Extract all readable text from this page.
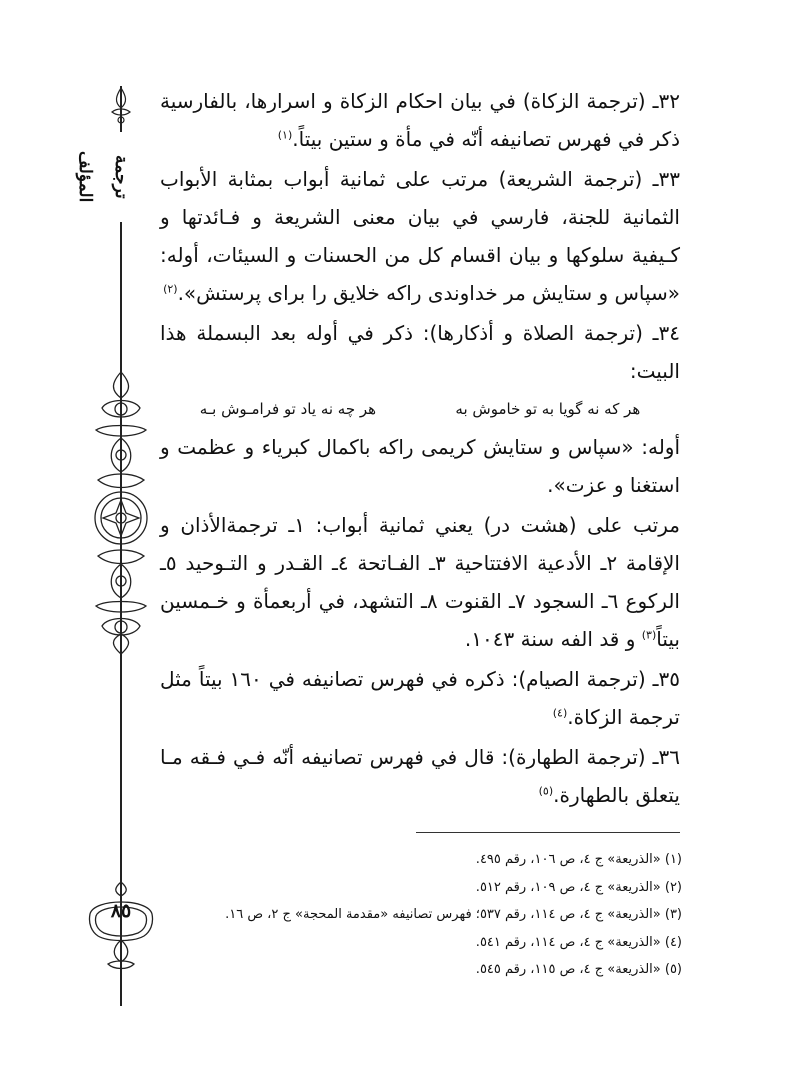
ترجمة المؤلف
٨٥
٣٢ـ (ترجمة الزكاة) في بيان احكام الزكاة و اسرارها، بالفارسية ذكر في فهرس تصانيفه أنّه في مأة و ستين بيتاً.$^{(١)}$
٣٣ـ (ترجمة الشريعة) مرتب على ثمانية أبواب بمثابة الأبواب الثمانية للجنة، فارسي في بيان معنى الشريعة و فـائدتها و كـيفية سلوكها و بيان اقسام كل من الحسنات و السيئات، أوله: «سپاس و ستايش مر خداوندى راكه خلايق را براى پرستش».$^{(٢)}$
٣٤ـ (ترجمة الصلاة و أذكارها): ذكر في أوله بعد البسملة هذا البيت:
هر كه نه گويا به تو خاموش به
هر چه نه ياد تو فرامـوش بـه
أوله: «سپاس و ستايش كريمى راكه باكمال كبرياء و عظمت و استغنا و عزت».
مرتب على (هشت در) يعني ثمانية أبواب: ١ـ ترجمةالأذان و الإقامة ٢ـ الأدعية الافتتاحية ٣ـ الفـاتحة ٤ـ القـدر و التـوحيد ٥ـ الركوع ٦ـ السجود ٧ـ القنوت ٨ـ التشهد، في أربعمأة و خـمسين بيتاً$^{(٣)}$ و قد الفه سنة ١٠٤٣.
٣٥ـ (ترجمة الصيام): ذكره في فهرس تصانيفه في ١٦٠ بيتاً مثل ترجمة الزكاة.$^{(٤)}$
٣٦ـ (ترجمة الطهارة): قال في فهرس تصانيفه أنّه فـي فـقه مـا يتعلق بالطهارة.$^{(٥)}$
(١) «الذريعة» ج ٤، ص ١٠٦، رقم ٤٩٥.
(٢) «الذريعة» ج ٤، ص ١٠٩، رقم ٥١٢.
(٣) «الذريعة» ج ٤، ص ١١٤، رقم ٥٣٧؛ فهرس تصانيفه «مقدمة المحجة» ج ٢، ص ١٦.
(٤) «الذريعة» ج ٤، ص ١١٤، رقم ٥٤١.
(٥) «الذريعة» ج ٤، ص ١١٥، رقم ٥٤٥.
